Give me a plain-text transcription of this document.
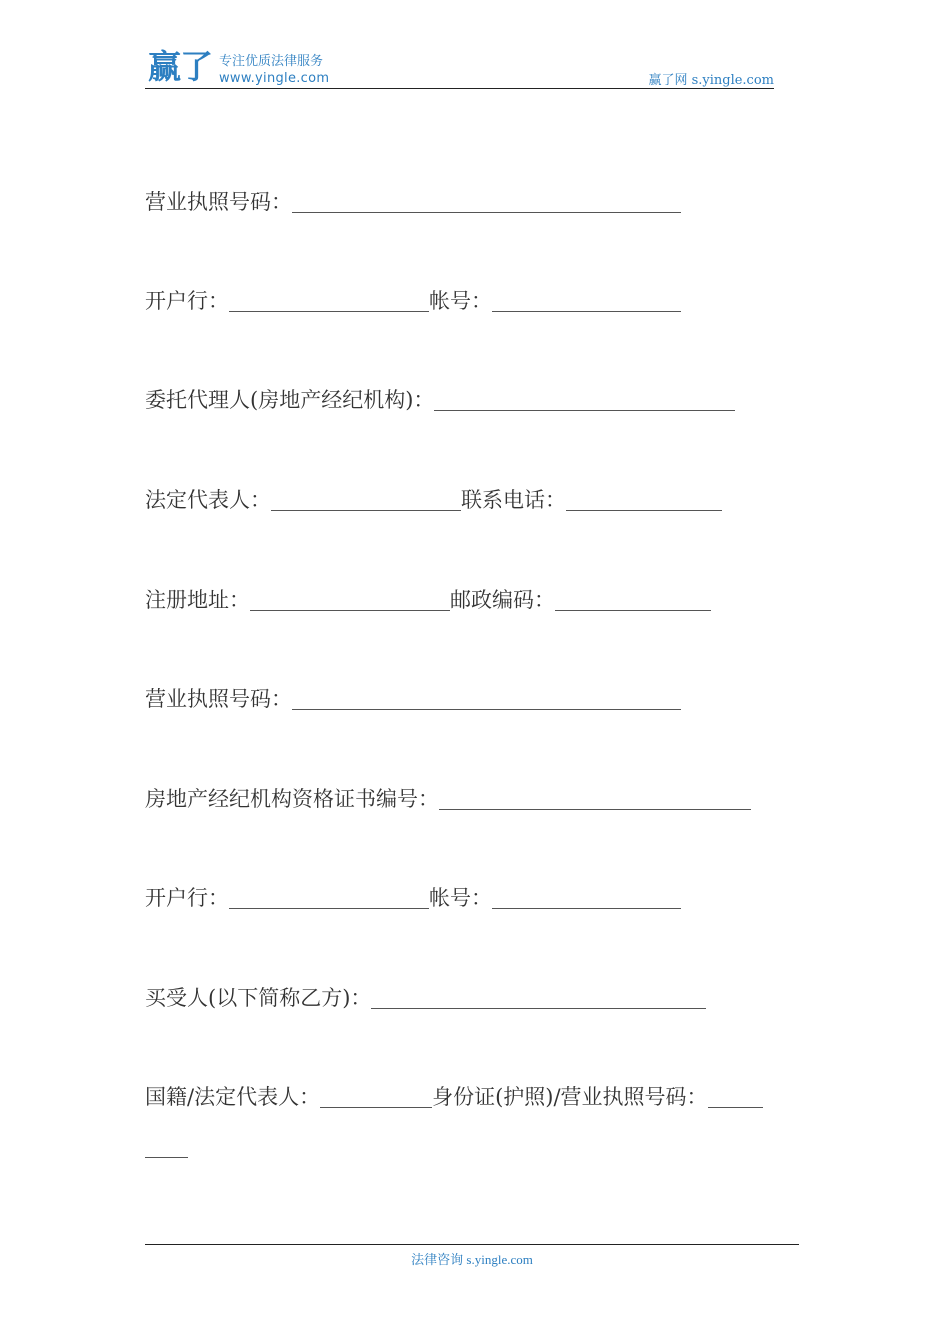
赢了 专注优质法律服务
www.yingle.com	赢了网 s.yingle.com
营业执照号码：
开户行：	帐号：
委托代理人(房地产经纪机构)：
法定代表人：	联系电话：
注册地址：	邮政编码：
营业执照号码：
房地产经纪机构资格证书编号：
开户行：	帐号：
买受人(以下简称乙方)：
国籍/法定代表人：	身份证(护照)/营业执照号码：
法律咨询 s.yingle.com
